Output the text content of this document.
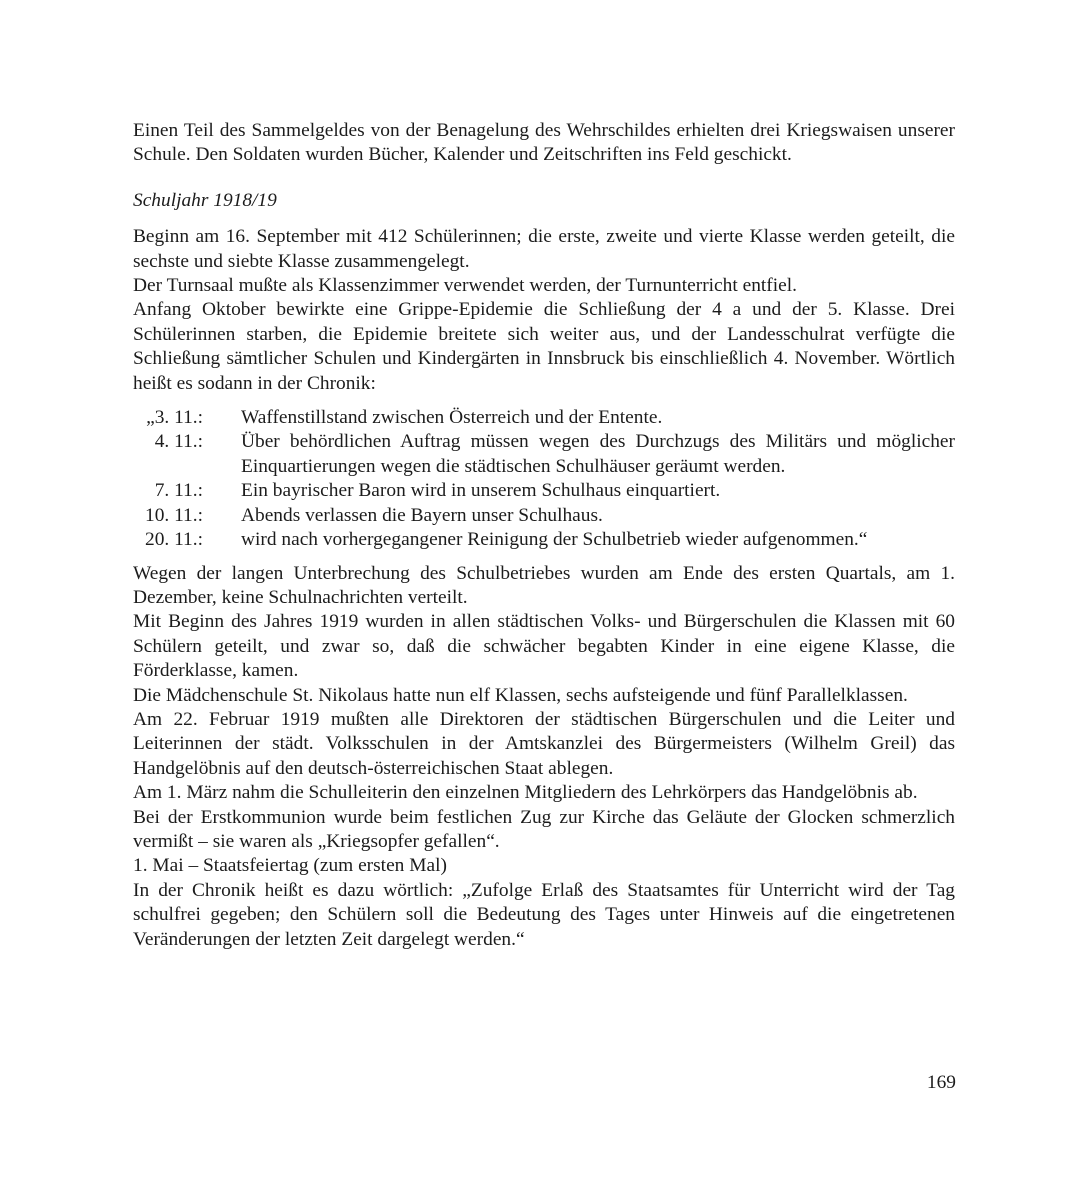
Einen Teil des Sammelgeldes von der Benagelung des Wehrschildes erhielten drei Kriegswaisen unserer Schule. Den Soldaten wurden Bücher, Kalender und Zeitschriften ins Feld geschickt.

Schuljahr 1918/19

Beginn am 16. September mit 412 Schülerinnen; die erste, zweite und vierte Klasse werden geteilt, die sechste und siebte Klasse zusammengelegt.

Der Turnsaal mußte als Klassenzimmer verwendet werden, der Turnunterricht entfiel.

Anfang Oktober bewirkte eine Grippe-Epidemie die Schließung der 4 a und der 5. Klasse. Drei Schülerinnen starben, die Epidemie breitete sich weiter aus, und der Landesschulrat verfügte die Schließung sämtlicher Schulen und Kindergärten in Innsbruck bis einschließlich 4. November. Wörtlich heißt es sodann in der Chronik:

„3. 11.: Waffenstillstand zwischen Österreich und der Entente.
4. 11.: Über behördlichen Auftrag müssen wegen des Durchzugs des Militärs und möglicher Einquartierungen wegen die städtischen Schulhäuser geräumt werden.
7. 11.: Ein bayrischer Baron wird in unserem Schulhaus einquartiert.
10. 11.: Abends verlassen die Bayern unser Schulhaus.
20. 11.: wird nach vorhergegangener Reinigung der Schulbetrieb wieder aufgenommen.“

Wegen der langen Unterbrechung des Schulbetriebes wurden am Ende des ersten Quartals, am 1. Dezember, keine Schulnachrichten verteilt.

Mit Beginn des Jahres 1919 wurden in allen städtischen Volks- und Bürgerschulen die Klassen mit 60 Schülern geteilt, und zwar so, daß die schwächer begabten Kinder in eine eigene Klasse, die Förderklasse, kamen.

Die Mädchenschule St. Nikolaus hatte nun elf Klassen, sechs aufsteigende und fünf Parallelklassen.

Am 22. Februar 1919 mußten alle Direktoren der städtischen Bürgerschulen und die Leiter und Leiterinnen der städt. Volksschulen in der Amtskanzlei des Bürgermeisters (Wilhelm Greil) das Handgelöbnis auf den deutsch-österreichischen Staat ablegen.

Am 1. März nahm die Schulleiterin den einzelnen Mitgliedern des Lehrkörpers das Handgelöbnis ab.

Bei der Erstkommunion wurde beim festlichen Zug zur Kirche das Geläute der Glocken schmerzlich vermißt – sie waren als „Kriegsopfer gefallen“.

1. Mai – Staatsfeiertag (zum ersten Mal)

In der Chronik heißt es dazu wörtlich: „Zufolge Erlaß des Staatsamtes für Unterricht wird der Tag schulfrei gegeben; den Schülern soll die Bedeutung des Tages unter Hinweis auf die eingetretenen Veränderungen der letzten Zeit dargelegt werden.“

169
